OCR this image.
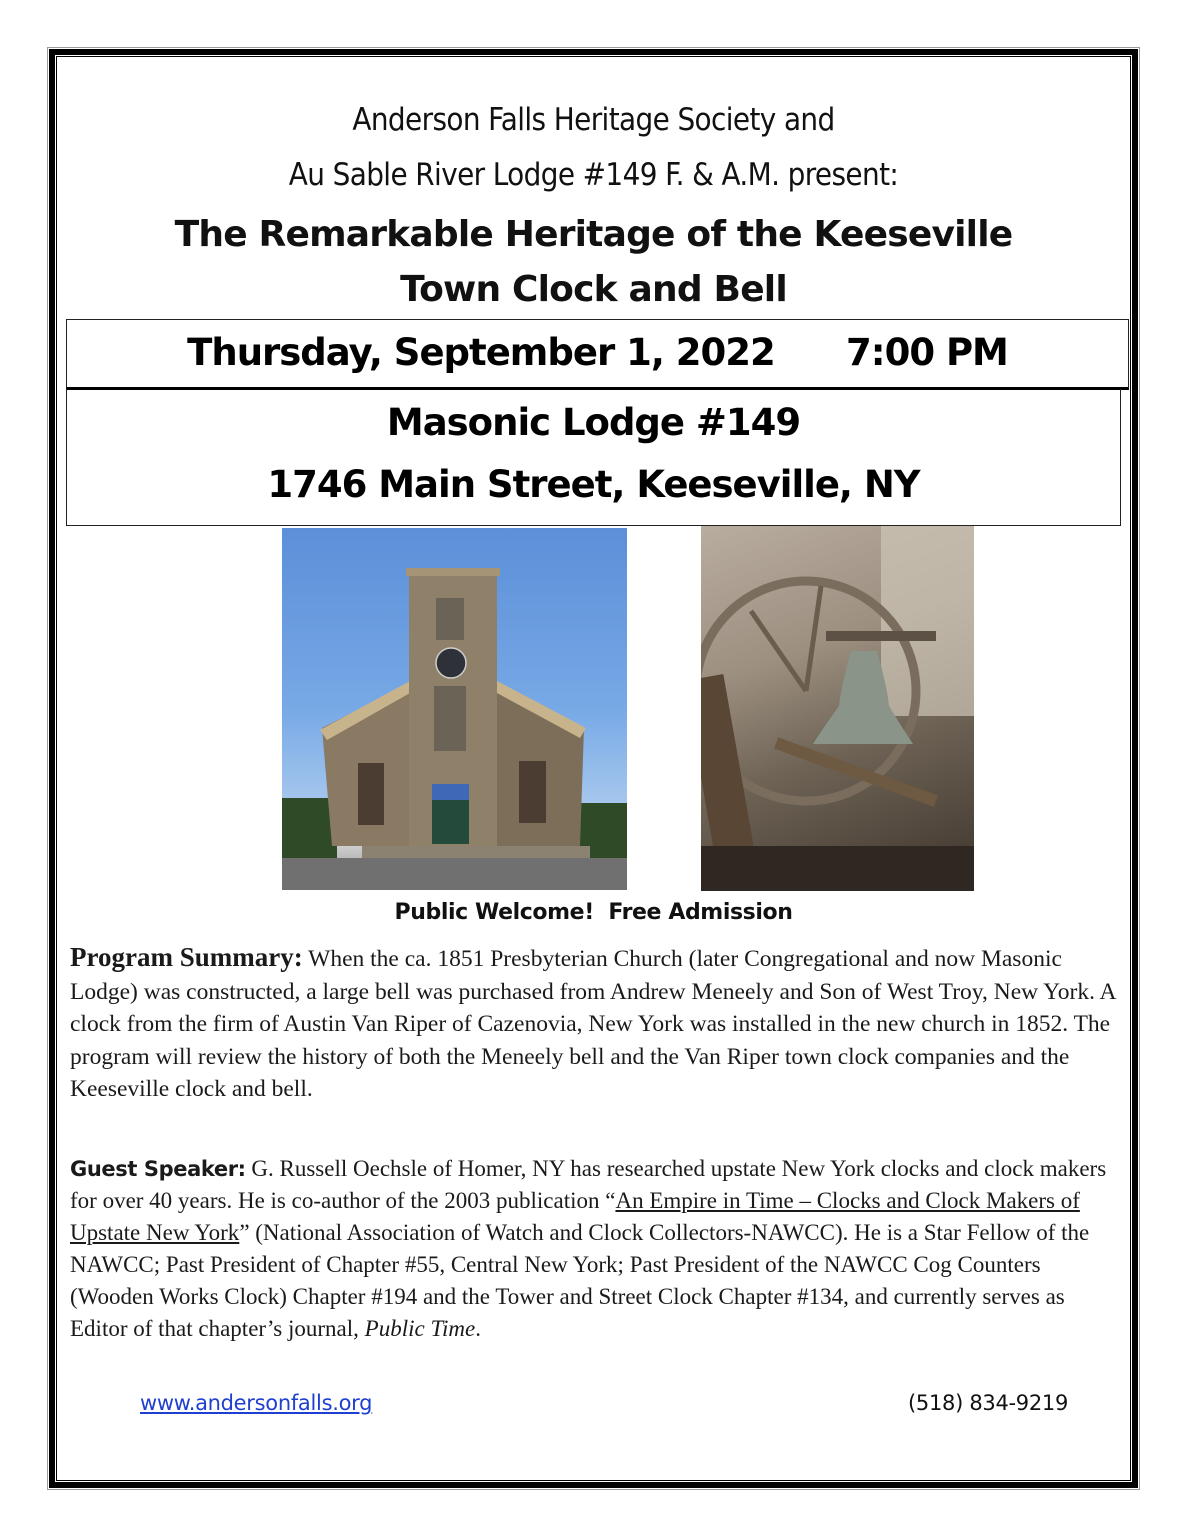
Anderson Falls Heritage Society and
Au Sable River Lodge #149 F. & A.M. present:
The Remarkable Heritage of the Keeseville
Town Clock and Bell
Thursday, September 1, 2022 7:00 PM
Masonic Lodge #149
1746 Main Street, Keeseville, NY
Public Welcome!  Free Admission
Program Summary: When the ca. 1851 Presbyterian Church (later Congregational and now Masonic Lodge) was constructed, a large bell was purchased from Andrew Meneely and Son of West Troy, New York. A clock from the firm of Austin Van Riper of Cazenovia, New York was installed in the new church in 1852. The program will review the history of both the Meneely bell and the Van Riper town clock companies and the Keeseville clock and bell.
Guest Speaker: G. Russell Oechsle of Homer, NY has researched upstate New York clocks and clock makers for over 40 years. He is co-author of the 2003 publication “An Empire in Time – Clocks and Clock Makers of Upstate New York” (National Association of Watch and Clock Collectors-NAWCC). He is a Star Fellow of the NAWCC; Past President of Chapter #55, Central New York; Past President of the NAWCC Cog Counters (Wooden Works Clock) Chapter #194 and the Tower and Street Clock Chapter #134, and currently serves as Editor of that chapter’s journal, Public Time.
www.andersonfalls.org	(518) 834-9219
